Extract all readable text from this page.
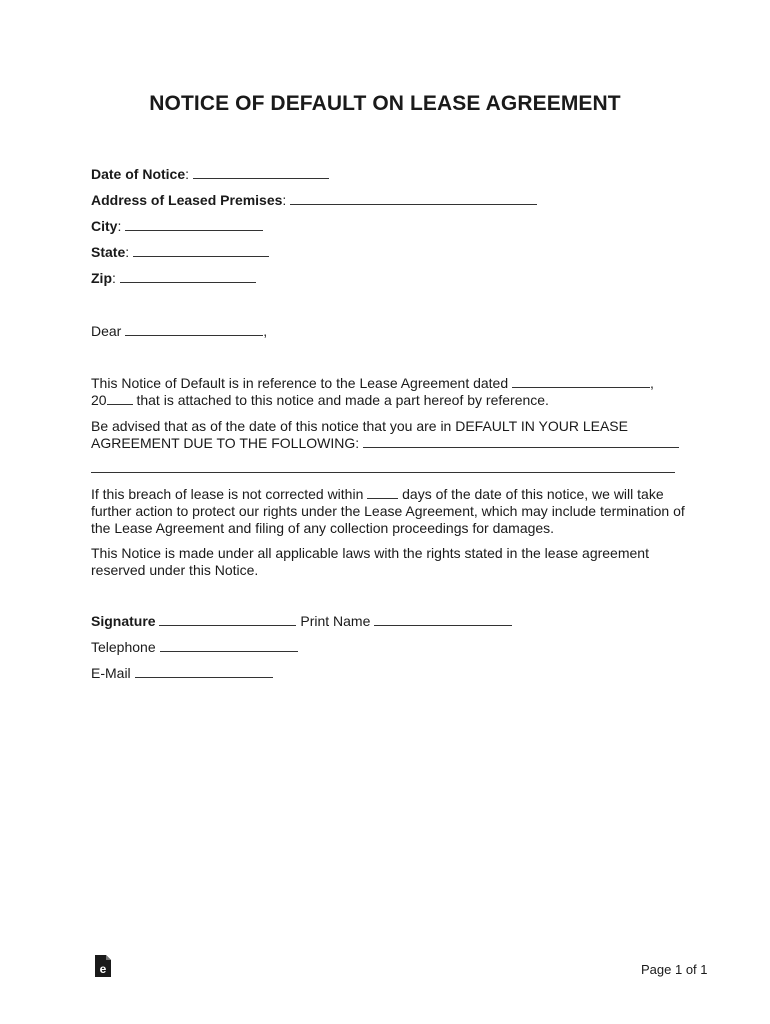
NOTICE OF DEFAULT ON LEASE AGREEMENT
Date of Notice:
Address of Leased Premises:
City:
State:
Zip:
Dear	,
This Notice of Default is in reference to the Lease Agreement dated	,
20 that is attached to this notice and made a part hereof by reference.
Be advised that as of the date of this notice that you are in DEFAULT IN YOUR LEASE
AGREEMENT DUE TO THE FOLLOWING:
If this breach of lease is not corrected within	days of the date of this notice, we will take
further action to protect our rights under the Lease Agreement, which may include termination of
the Lease Agreement and filing of any collection proceedings for damages.
This Notice is made under all applicable laws with the rights stated in the lease agreement
reserved under this Notice.
Signature	Print Name
Telephone
E-Mail
e	Page 1 of 1
